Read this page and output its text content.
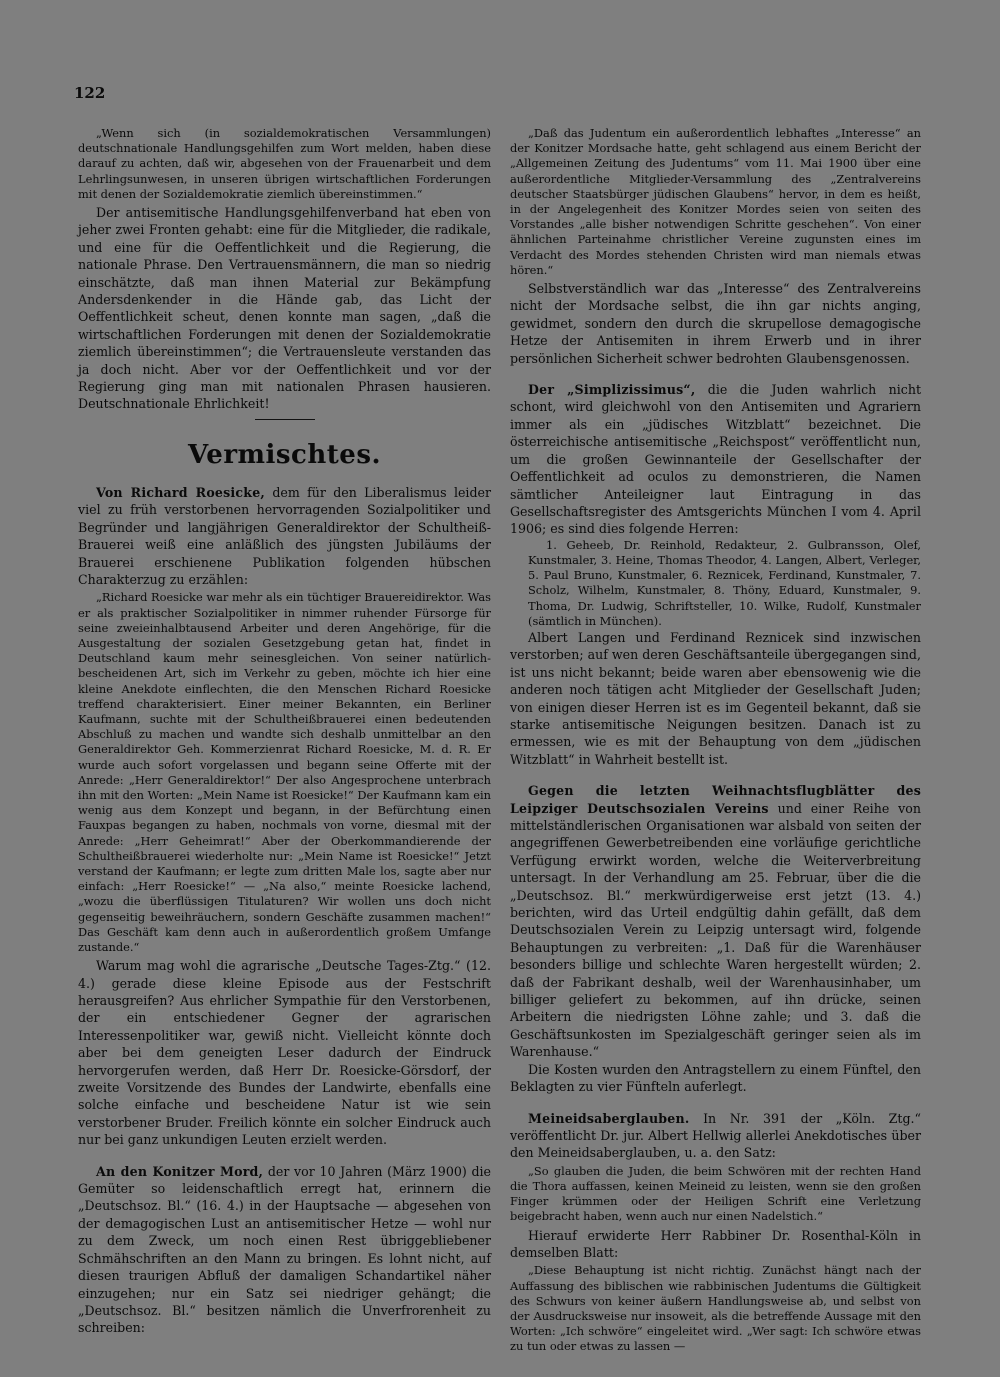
122

„Wenn sich (in sozialdemokratischen Versammlungen) deutschnationale Handlungsgehilfen zum Wort melden, haben diese darauf zu achten, daß wir, abgesehen von der Frauenarbeit und dem Lehrlingsunwesen, in unseren übrigen wirtschaftlichen Forderungen mit denen der Sozialdemokratie ziemlich übereinstimmen.“

Der antisemitische Handlungsgehilfenverband hat eben von jeher zwei Fronten gehabt: eine für die Mitglieder, die radikale, und eine für die Oeffentlichkeit und die Regierung, die nationale Phrase. Den Vertrauensmännern, die man so niedrig einschätzte, daß man ihnen Material zur Bekämpfung Andersdenkender in die Hände gab, das Licht der Oeffentlichkeit scheut, denen konnte man sagen, „daß die wirtschaftlichen Forderungen mit denen der Sozialdemokratie ziemlich übereinstimmen“; die Vertrauensleute verstanden das ja doch nicht. Aber vor der Oeffentlichkeit und vor der Regierung ging man mit nationalen Phrasen hausieren. Deutschnationale Ehrlichkeit!

Vermischtes.

Von Richard Roesicke, dem für den Liberalismus leider viel zu früh verstorbenen hervorragenden Sozialpolitiker und Begründer und langjährigen Generaldirektor der Schultheiß-Brauerei weiß eine anläßlich des jüngsten Jubiläums der Brauerei erschienene Publikation folgenden hübschen Charakterzug zu erzählen:

„Richard Roesicke war mehr als ein tüchtiger Brauereidirektor. Was er als praktischer Sozialpolitiker in nimmer ruhender Fürsorge für seine zweieinhalbtausend Arbeiter und deren Angehörige, für die Ausgestaltung der sozialen Gesetzgebung getan hat, findet in Deutschland kaum mehr seinesgleichen. Von seiner natürlich-bescheidenen Art, sich im Verkehr zu geben, möchte ich hier eine kleine Anekdote einflechten, die den Menschen Richard Roesicke treffend charakterisiert. Einer meiner Bekannten, ein Berliner Kaufmann, suchte mit der Schultheißbrauerei einen bedeutenden Abschluß zu machen und wandte sich deshalb unmittelbar an den Generaldirektor Geh. Kommerzienrat Richard Roesicke, M. d. R. Er wurde auch sofort vorgelassen und begann seine Offerte mit der Anrede: „Herr Generaldirektor!“ Der also Angesprochene unterbrach ihn mit den Worten: „Mein Name ist Roesicke!“ Der Kaufmann kam ein wenig aus dem Konzept und begann, in der Befürchtung einen Fauxpas begangen zu haben, nochmals von vorne, diesmal mit der Anrede: „Herr Geheimrat!“ Aber der Oberkommandierende der Schultheißbrauerei wiederholte nur: „Mein Name ist Roesicke!“ Jetzt verstand der Kaufmann; er legte zum dritten Male los, sagte aber nur einfach: „Herr Roesicke!“ — „Na also,“ meinte Roesicke lachend, „wozu die überflüssigen Titulaturen? Wir wollen uns doch nicht gegenseitig beweihräuchern, sondern Geschäfte zusammen machen!“ Das Geschäft kam denn auch in außerordentlich großem Umfange zustande.“

Warum mag wohl die agrarische „Deutsche Tages-Ztg.“ (12. 4.) gerade diese kleine Episode aus der Festschrift herausgreifen? Aus ehrlicher Sympathie für den Verstorbenen, der ein entschiedener Gegner der agrarischen Interessenpolitiker war, gewiß nicht. Vielleicht könnte doch aber bei dem geneigten Leser dadurch der Eindruck hervorgerufen werden, daß Herr Dr. Roesicke-Görsdorf, der zweite Vorsitzende des Bundes der Landwirte, ebenfalls eine solche einfache und bescheidene Natur ist wie sein verstorbener Bruder. Freilich könnte ein solcher Eindruck auch nur bei ganz unkundigen Leuten erzielt werden.

An den Konitzer Mord, der vor 10 Jahren (März 1900) die Gemüter so leidenschaftlich erregt hat, erinnern die „Deutschsoz. Bl.“ (16. 4.) in der Hauptsache — abgesehen von der demagogischen Lust an antisemitischer Hetze — wohl nur zu dem Zweck, um noch einen Rest übriggebliebener Schmähschriften an den Mann zu bringen. Es lohnt nicht, auf diesen traurigen Abfluß der damaligen Schandartikel näher einzugehen; nur ein Satz sei niedriger gehängt; die „Deutschsoz. Bl.“ besitzen nämlich die Unverfrorenheit zu schreiben:

„Daß das Judentum ein außerordentlich lebhaftes „Interesse“ an der Konitzer Mordsache hatte, geht schlagend aus einem Bericht der „Allgemeinen Zeitung des Judentums“ vom 11. Mai 1900 über eine außerordentliche Mitglieder-Versammlung des „Zentralvereins deutscher Staatsbürger jüdischen Glaubens“ hervor, in dem es heißt, in der Angelegenheit des Konitzer Mordes seien von seiten des Vorstandes „alle bisher notwendigen Schritte geschehen“. Von einer ähnlichen Parteinahme christlicher Vereine zugunsten eines im Verdacht des Mordes stehenden Christen wird man niemals etwas hören.“

Selbstverständlich war das „Interesse“ des Zentralvereins nicht der Mordsache selbst, die ihn gar nichts anging, gewidmet, sondern den durch die skrupellose demagogische Hetze der Antisemiten in ihrem Erwerb und in ihrer persönlichen Sicherheit schwer bedrohten Glaubensgenossen.

Der „Simplizissimus“, die die Juden wahrlich nicht schont, wird gleichwohl von den Antisemiten und Agrariern immer als ein „jüdisches Witzblatt“ bezeichnet. Die österreichische antisemitische „Reichspost“ veröffentlicht nun, um die großen Gewinnanteile der Gesellschafter der Oeffentlichkeit ad oculos zu demonstrieren, die Namen sämtlicher Anteileigner laut Eintragung in das Gesellschaftsregister des Amtsgerichts München I vom 4. April 1906; es sind dies folgende Herren:

1. Geheeb, Dr. Reinhold, Redakteur, 2. Gulbransson, Olef, Kunstmaler, 3. Heine, Thomas Theodor, 4. Langen, Albert, Verleger, 5. Paul Bruno, Kunstmaler, 6. Reznicek, Ferdinand, Kunstmaler, 7. Scholz, Wilhelm, Kunstmaler, 8. Thöny, Eduard, Kunstmaler, 9. Thoma, Dr. Ludwig, Schriftsteller, 10. Wilke, Rudolf, Kunstmaler (sämtlich in München).

Albert Langen und Ferdinand Reznicek sind inzwischen verstorben; auf wen deren Geschäftsanteile übergegangen sind, ist uns nicht bekannt; beide waren aber ebensowenig wie die anderen noch tätigen acht Mitglieder der Gesellschaft Juden; von einigen dieser Herren ist es im Gegenteil bekannt, daß sie starke antisemitische Neigungen besitzen. Danach ist zu ermessen, wie es mit der Behauptung von dem „jüdischen Witzblatt“ in Wahrheit bestellt ist.

Gegen die letzten Weihnachtsflugblätter des Leipziger Deutschsozialen Vereins und einer Reihe von mittelständlerischen Organisationen war alsbald von seiten der angegriffenen Gewerbetreibenden eine vorläufige gerichtliche Verfügung erwirkt worden, welche die Weiterverbreitung untersagt. In der Verhandlung am 25. Februar, über die die „Deutschsoz. Bl.“ merkwürdigerweise erst jetzt (13. 4.) berichten, wird das Urteil endgültig dahin gefällt, daß dem Deutschsozialen Verein zu Leipzig untersagt wird, folgende Behauptungen zu verbreiten: „1. Daß für die Warenhäuser besonders billige und schlechte Waren hergestellt würden; 2. daß der Fabrikant deshalb, weil der Warenhausinhaber, um billiger geliefert zu bekommen, auf ihn drücke, seinen Arbeitern die niedrigsten Löhne zahle; und 3. daß die Geschäftsunkosten im Spezialgeschäft geringer seien als im Warenhause.“

Die Kosten wurden den Antragstellern zu einem Fünftel, den Beklagten zu vier Fünfteln auferlegt.

Meineidsaberglauben. In Nr. 391 der „Köln. Ztg.“ veröffentlicht Dr. jur. Albert Hellwig allerlei Anekdotisches über den Meineidsaberglauben, u. a. den Satz:

„So glauben die Juden, die beim Schwören mit der rechten Hand die Thora auffassen, keinen Meineid zu leisten, wenn sie den großen Finger krümmen oder der Heiligen Schrift eine Verletzung beigebracht haben, wenn auch nur einen Nadelstich.“

Hierauf erwiderte Herr Rabbiner Dr. Rosenthal-Köln in demselben Blatt:

„Diese Behauptung ist nicht richtig. Zunächst hängt nach der Auffassung des biblischen wie rabbinischen Judentums die Gültigkeit des Schwurs von keiner äußern Handlungsweise ab, und selbst von der Ausdrucksweise nur insoweit, als die betreffende Aussage mit den Worten: „Ich schwöre“ eingeleitet wird. „Wer sagt: Ich schwöre etwas zu tun oder etwas zu lassen —
